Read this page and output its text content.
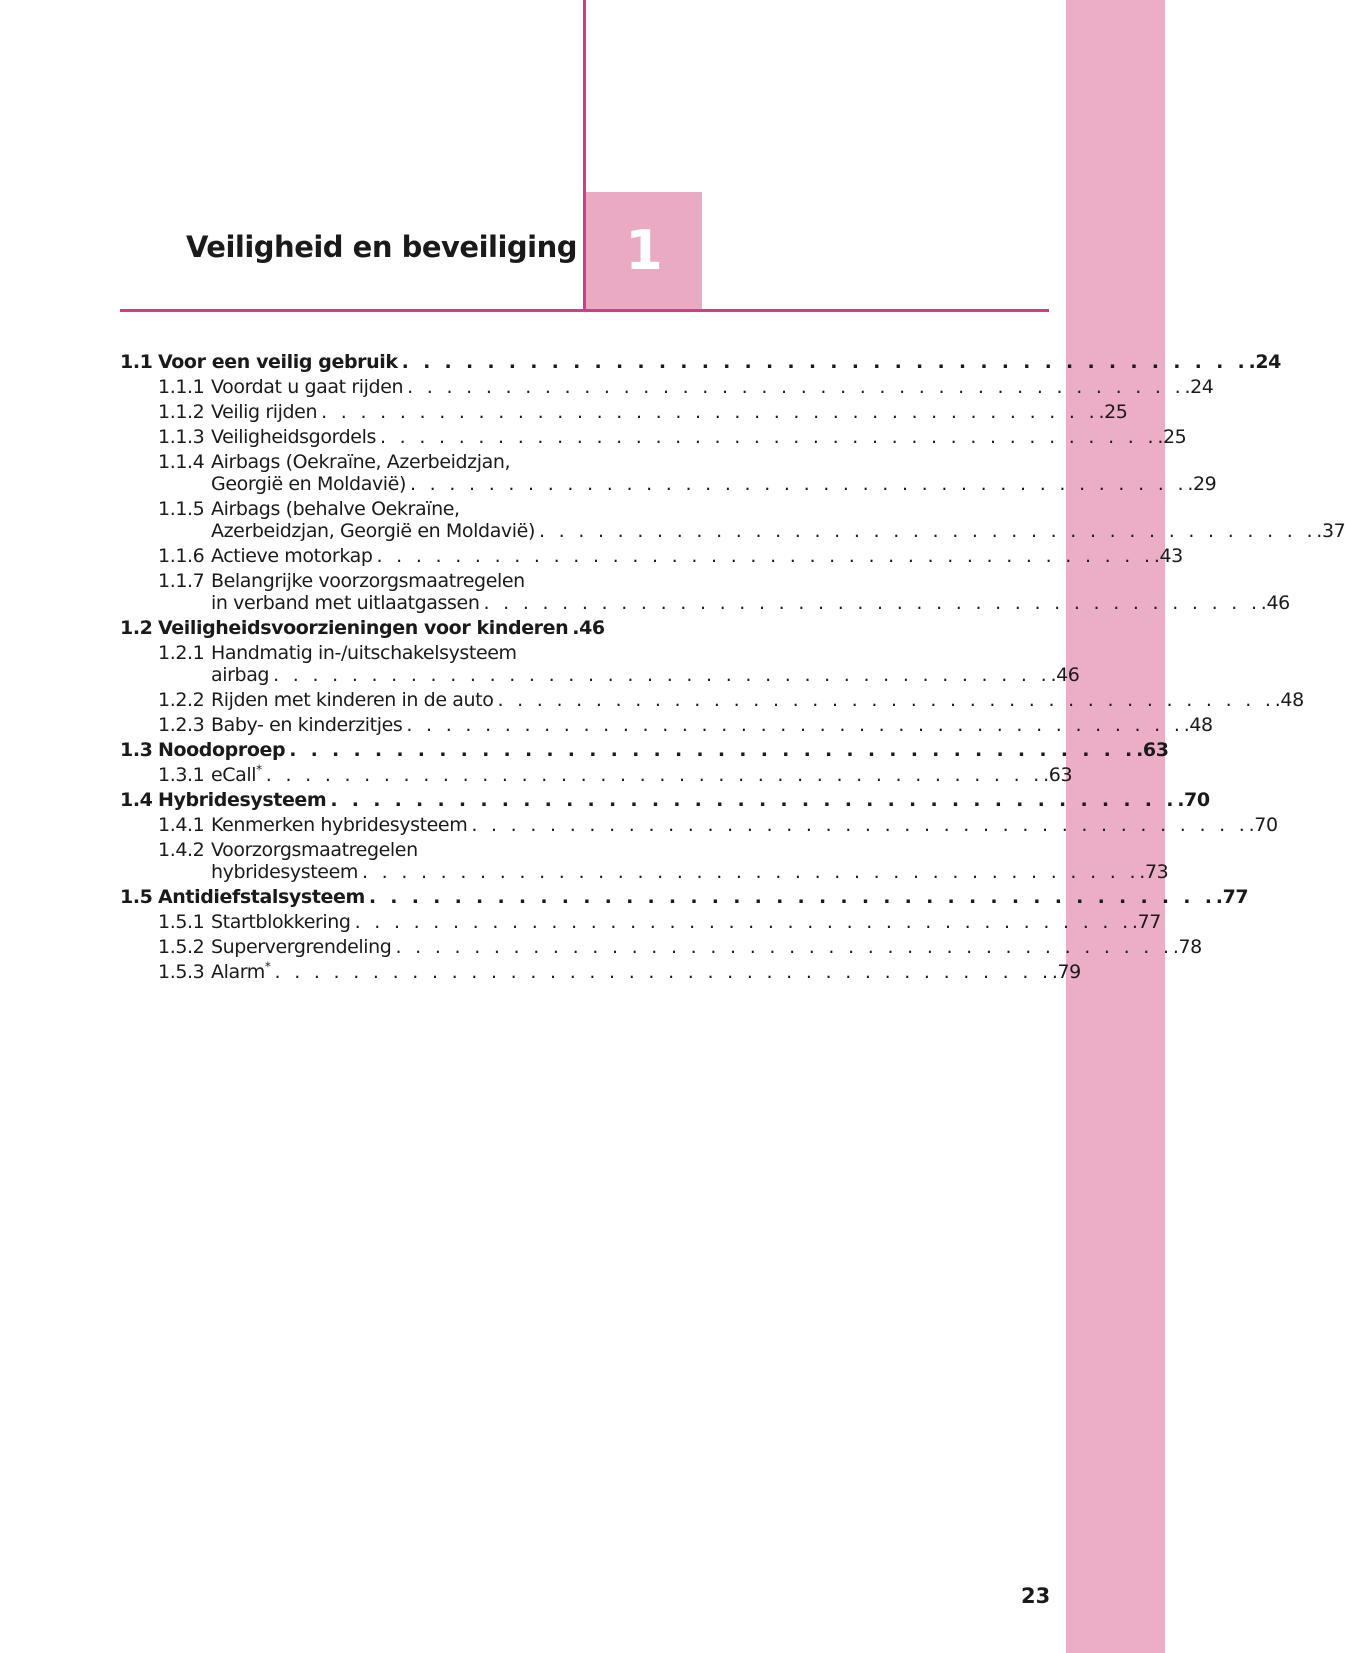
1
Veiligheid en beveiliging
1.1 Voor een veilig gebruik . . . . . . . . . . . . . . . . . . . . . . . . . . . . . . . . . . . . . . . . . 24
1.1.1 Voordat u gaat rijden . . . . . . . . . . . . . . . . . . . . . . . . . . . . . . . . . . . . . . . . . 24
1.1.2 Veilig rijden . . . . . . . . . . . . . . . . . . . . . . . . . . . . . . . . . . . . . . . . . 25
1.1.3 Veiligheidsgordels . . . . . . . . . . . . . . . . . . . . . . . . . . . . . . . . . . . . . . . . . 25
1.1.4 Airbags (Oekraïne, Azerbeidzjan,
Georgië en Moldavië) . . . . . . . . . . . . . . . . . . . . . . . . . . . . . . . . . . . . . . . . . 29
1.1.5 Airbags (behalve Oekraïne,
Azerbeidzjan, Georgië en Moldavië) . . . . . . . . . . . . . . . . . . . . . . . . . . . . . . . . . . . . . . . . . 37
1.1.6 Actieve motorkap . . . . . . . . . . . . . . . . . . . . . . . . . . . . . . . . . . . . . . . . . 43
1.1.7 Belangrijke voorzorgsmaatregelen
in verband met uitlaatgassen . . . . . . . . . . . . . . . . . . . . . . . . . . . . . . . . . . . . . . . . . 46
1.2 Veiligheidsvoorzieningen voor kinderen . 46
1.2.1 Handmatig in-/uitschakelsysteem
airbag . . . . . . . . . . . . . . . . . . . . . . . . . . . . . . . . . . . . . . . . . 46
1.2.2 Rijden met kinderen in de auto . . . . . . . . . . . . . . . . . . . . . . . . . . . . . . . . . . . . . . . . . 48
1.2.3 Baby- en kinderzitjes . . . . . . . . . . . . . . . . . . . . . . . . . . . . . . . . . . . . . . . . . 48
1.3 Noodoproep . . . . . . . . . . . . . . . . . . . . . . . . . . . . . . . . . . . . . . . . . 63
1.3.1 eCall* . . . . . . . . . . . . . . . . . . . . . . . . . . . . . . . . . . . . . . . . . 63
1.4 Hybridesysteem . . . . . . . . . . . . . . . . . . . . . . . . . . . . . . . . . . . . . . . . . 70
1.4.1 Kenmerken hybridesysteem . . . . . . . . . . . . . . . . . . . . . . . . . . . . . . . . . . . . . . . . . 70
1.4.2 Voorzorgsmaatregelen
hybridesysteem . . . . . . . . . . . . . . . . . . . . . . . . . . . . . . . . . . . . . . . . . 73
1.5 Antidiefstalsysteem . . . . . . . . . . . . . . . . . . . . . . . . . . . . . . . . . . . . . . . . . 77
1.5.1 Startblokkering . . . . . . . . . . . . . . . . . . . . . . . . . . . . . . . . . . . . . . . . . 77
1.5.2 Supervergrendeling . . . . . . . . . . . . . . . . . . . . . . . . . . . . . . . . . . . . . . . . . 78
1.5.3 Alarm* . . . . . . . . . . . . . . . . . . . . . . . . . . . . . . . . . . . . . . . . . 79

23
